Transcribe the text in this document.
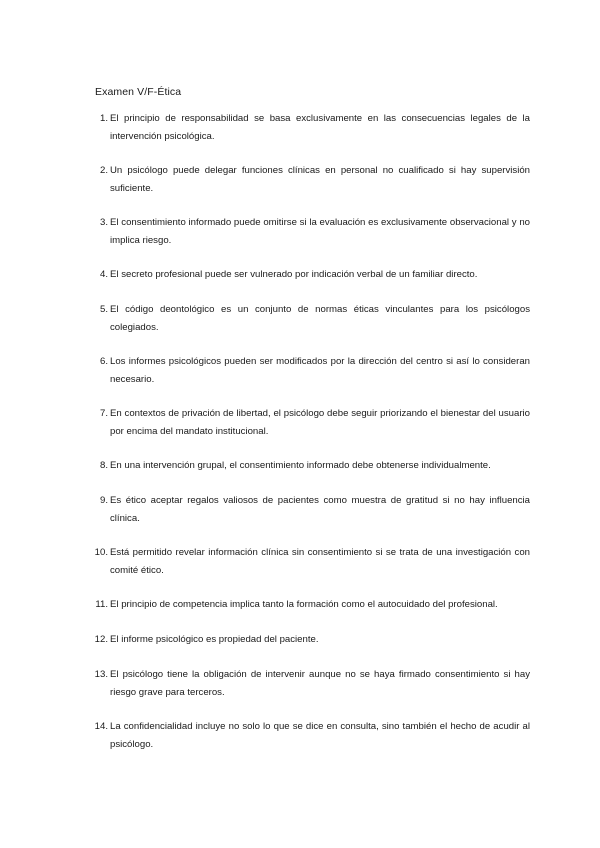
Examen V/F-Ética
1. El principio de responsabilidad se basa exclusivamente en las consecuencias legales de la intervención psicológica.
2. Un psicólogo puede delegar funciones clínicas en personal no cualificado si hay supervisión suficiente.
3. El consentimiento informado puede omitirse si la evaluación es exclusivamente observacional y no implica riesgo.
4. El secreto profesional puede ser vulnerado por indicación verbal de un familiar directo.
5. El código deontológico es un conjunto de normas éticas vinculantes para los psicólogos colegiados.
6. Los informes psicológicos pueden ser modificados por la dirección del centro si así lo consideran necesario.
7. En contextos de privación de libertad, el psicólogo debe seguir priorizando el bienestar del usuario por encima del mandato institucional.
8. En una intervención grupal, el consentimiento informado debe obtenerse individualmente.
9. Es ético aceptar regalos valiosos de pacientes como muestra de gratitud si no hay influencia clínica.
10. Está permitido revelar información clínica sin consentimiento si se trata de una investigación con comité ético.
11. El principio de competencia implica tanto la formación como el autocuidado del profesional.
12. El informe psicológico es propiedad del paciente.
13. El psicólogo tiene la obligación de intervenir aunque no se haya firmado consentimiento si hay riesgo grave para terceros.
14. La confidencialidad incluye no solo lo que se dice en consulta, sino también el hecho de acudir al psicólogo.
